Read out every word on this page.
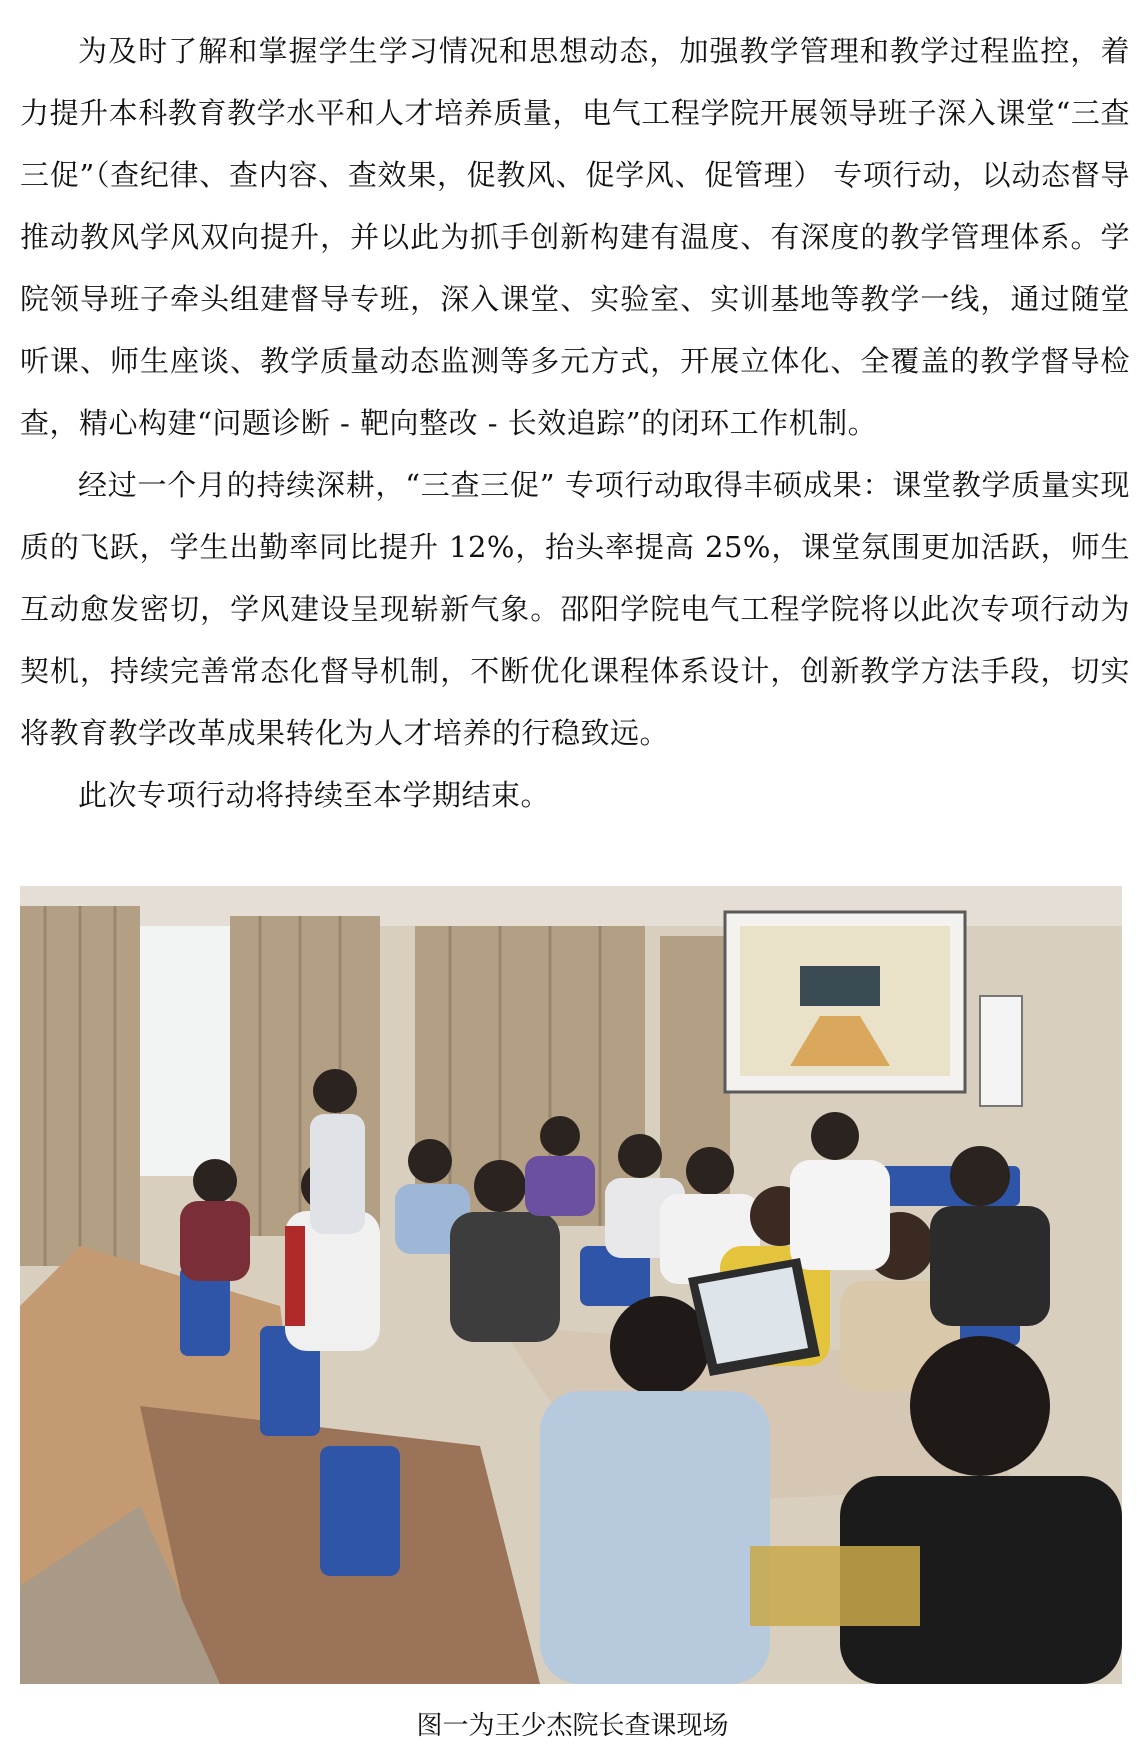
为及时了解和掌握学生学习情况和思想动态，加强教学管理和教学过程监控，着力提升本科教育教学水平和人才培养质量，电气工程学院开展领导班子深入课堂“三查三促”（查纪律、查内容、查效果，促教风、促学风、促管理） 专项行动，以动态督导推动教风学风双向提升，并以此为抓手创新构建有温度、有深度的教学管理体系。学院领导班子牵头组建督导专班，深入课堂、实验室、实训基地等教学一线，通过随堂听课、师生座谈、教学质量动态监测等多元方式，开展立体化、全覆盖的教学督导检查，精心构建“问题诊断 - 靶向整改 - 长效追踪”的闭环工作机制。

经过一个月的持续深耕，“三查三促” 专项行动取得丰硕成果：课堂教学质量实现质的飞跃，学生出勤率同比提升 12%，抬头率提高 25%，课堂氛围更加活跃，师生互动愈发密切，学风建设呈现崭新气象。邵阳学院电气工程学院将以此次专项行动为契机，持续完善常态化督导机制，不断优化课程体系设计，创新教学方法手段，切实将教育教学改革成果转化为人才培养的行稳致远。

此次专项行动将持续至本学期结束。

图一为王少杰院长查课现场
